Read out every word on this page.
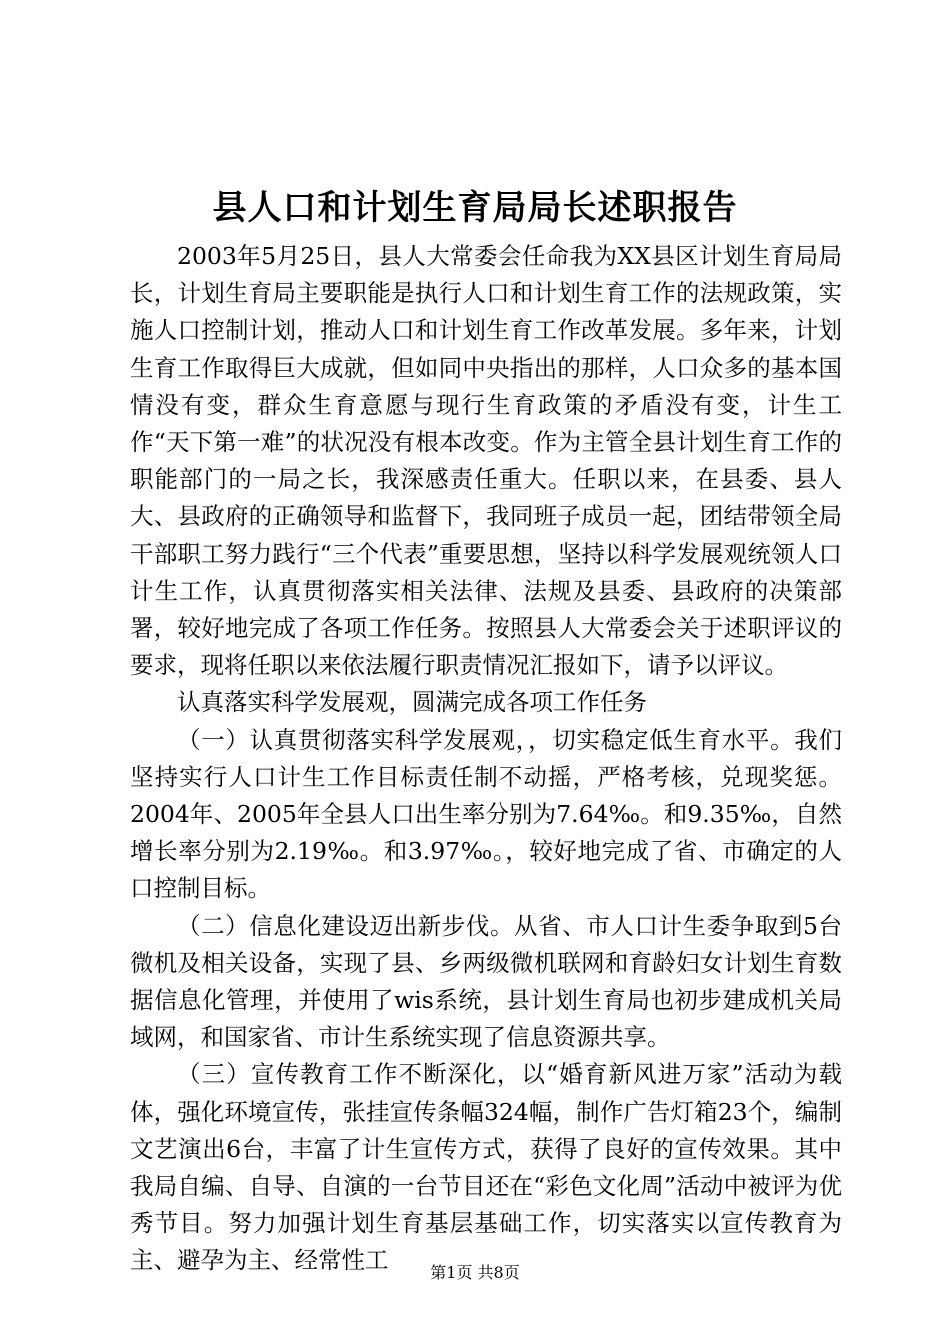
县人口和计划生育局局长述职报告

2003年5月25日，县人大常委会任命我为XX县区计划生育局局长，计划生育局主要职能是执行人口和计划生育工作的法规政策，实施人口控制计划，推动人口和计划生育工作改革发展。多年来，计划生育工作取得巨大成就，但如同中央指出的那样，人口众多的基本国情没有变，群众生育意愿与现行生育政策的矛盾没有变，计生工作“天下第一难”的状况没有根本改变。作为主管全县计划生育工作的职能部门的一局之长，我深感责任重大。任职以来，在县委、县人大、县政府的正确领导和监督下，我同班子成员一起，团结带领全局干部职工努力践行“三个代表”重要思想，坚持以科学发展观统领人口计生工作，认真贯彻落实相关法律、法规及县委、县政府的决策部署，较好地完成了各项工作任务。按照县人大常委会关于述职评议的要求，现将任职以来依法履行职责情况汇报如下，请予以评议。

认真落实科学发展观，圆满完成各项工作任务

（一）认真贯彻落实科学发展观，，切实稳定低生育水平。我们坚持实行人口计生工作目标责任制不动摇，严格考核，兑现奖惩。2004年、2005年全县人口出生率分别为7.64‰。和9.35‰，自然增长率分别为2.19‰。和3.97‰。，较好地完成了省、市确定的人口控制目标。

（二）信息化建设迈出新步伐。从省、市人口计生委争取到5台微机及相关设备，实现了县、乡两级微机联网和育龄妇女计划生育数据信息化管理，并使用了wis系统，县计划生育局也初步建成机关局域网，和国家省、市计生系统实现了信息资源共享。

（三）宣传教育工作不断深化，以“婚育新风进万家”活动为载体，强化环境宣传，张挂宣传条幅324幅，制作广告灯箱23个，编制文艺演出6台，丰富了计生宣传方式，获得了良好的宣传效果。其中我局自编、自导、自演的一台节目还在“彩色文化周”活动中被评为优秀节目。努力加强计划生育基层基础工作，切实落实以宣传教育为主、避孕为主、经常性工	第1页 共8页
